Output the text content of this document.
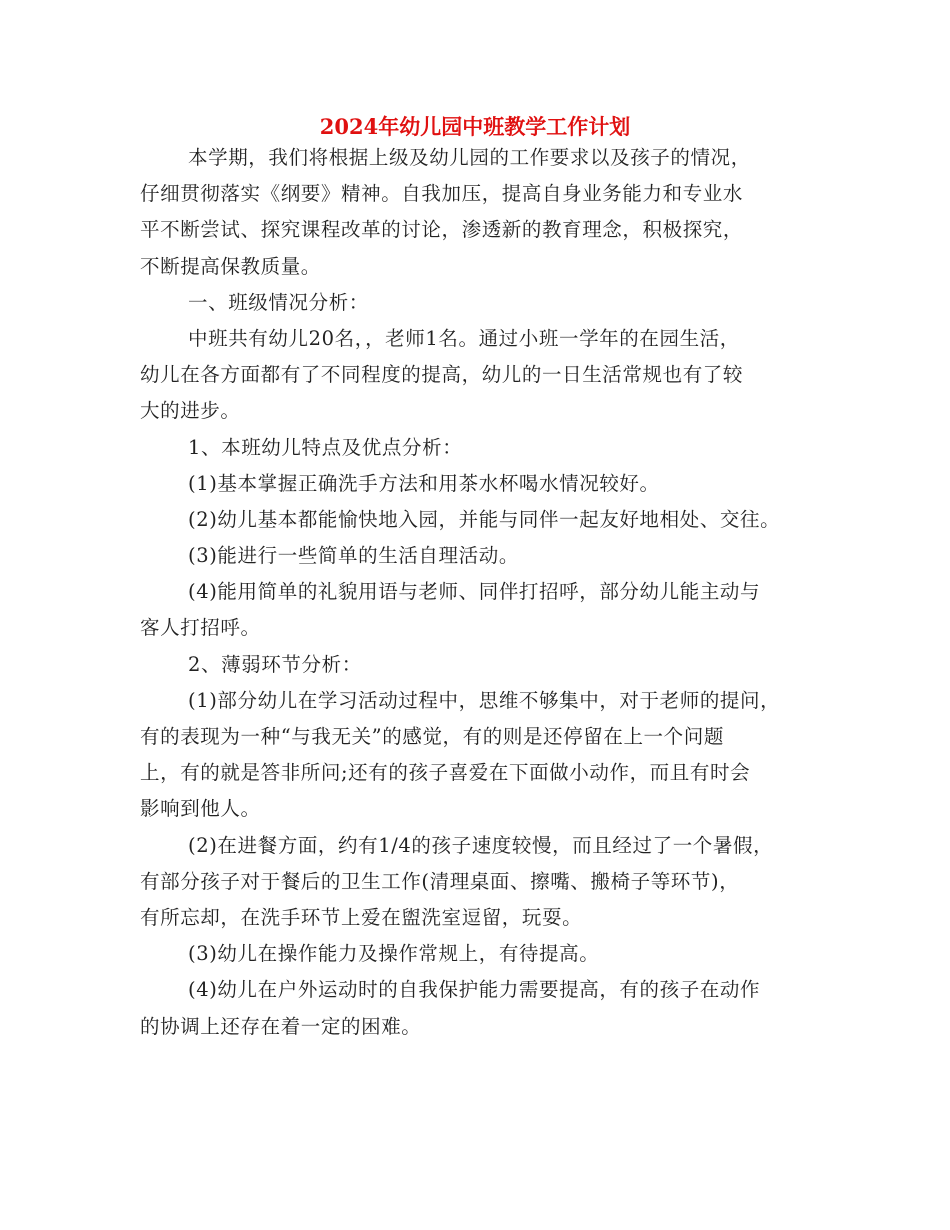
2024年幼儿园中班教学工作计划
本学期，我们将根据上级及幼儿园的工作要求以及孩子的情况，
仔细贯彻落实《纲要》精神。自我加压，提高自身业务能力和专业水
平不断尝试、探究课程改革的讨论，渗透新的教育理念，积极探究，
不断提高保教质量。
一、班级情况分析：
中班共有幼儿20名，，老师1名。通过小班一学年的在园生活，
幼儿在各方面都有了不同程度的提高，幼儿的一日生活常规也有了较
大的进步。
1、本班幼儿特点及优点分析：
(1)基本掌握正确洗手方法和用茶水杯喝水情况较好。
(2)幼儿基本都能愉快地入园，并能与同伴一起友好地相处、交往。
(3)能进行一些简单的生活自理活动。
(4)能用简单的礼貌用语与老师、同伴打招呼，部分幼儿能主动与
客人打招呼。
2、薄弱环节分析：
(1)部分幼儿在学习活动过程中，思维不够集中，对于老师的提问，
有的表现为一种“与我无关”的感觉，有的则是还停留在上一个问题
上，有的就是答非所问;还有的孩子喜爱在下面做小动作，而且有时会
影响到他人。
(2)在进餐方面，约有1/4的孩子速度较慢，而且经过了一个暑假，
有部分孩子对于餐后的卫生工作(清理桌面、擦嘴、搬椅子等环节)，
有所忘却，在洗手环节上爱在盥洗室逗留，玩耍。
(3)幼儿在操作能力及操作常规上，有待提高。
(4)幼儿在户外运动时的自我保护能力需要提高，有的孩子在动作
的协调上还存在着一定的困难。
